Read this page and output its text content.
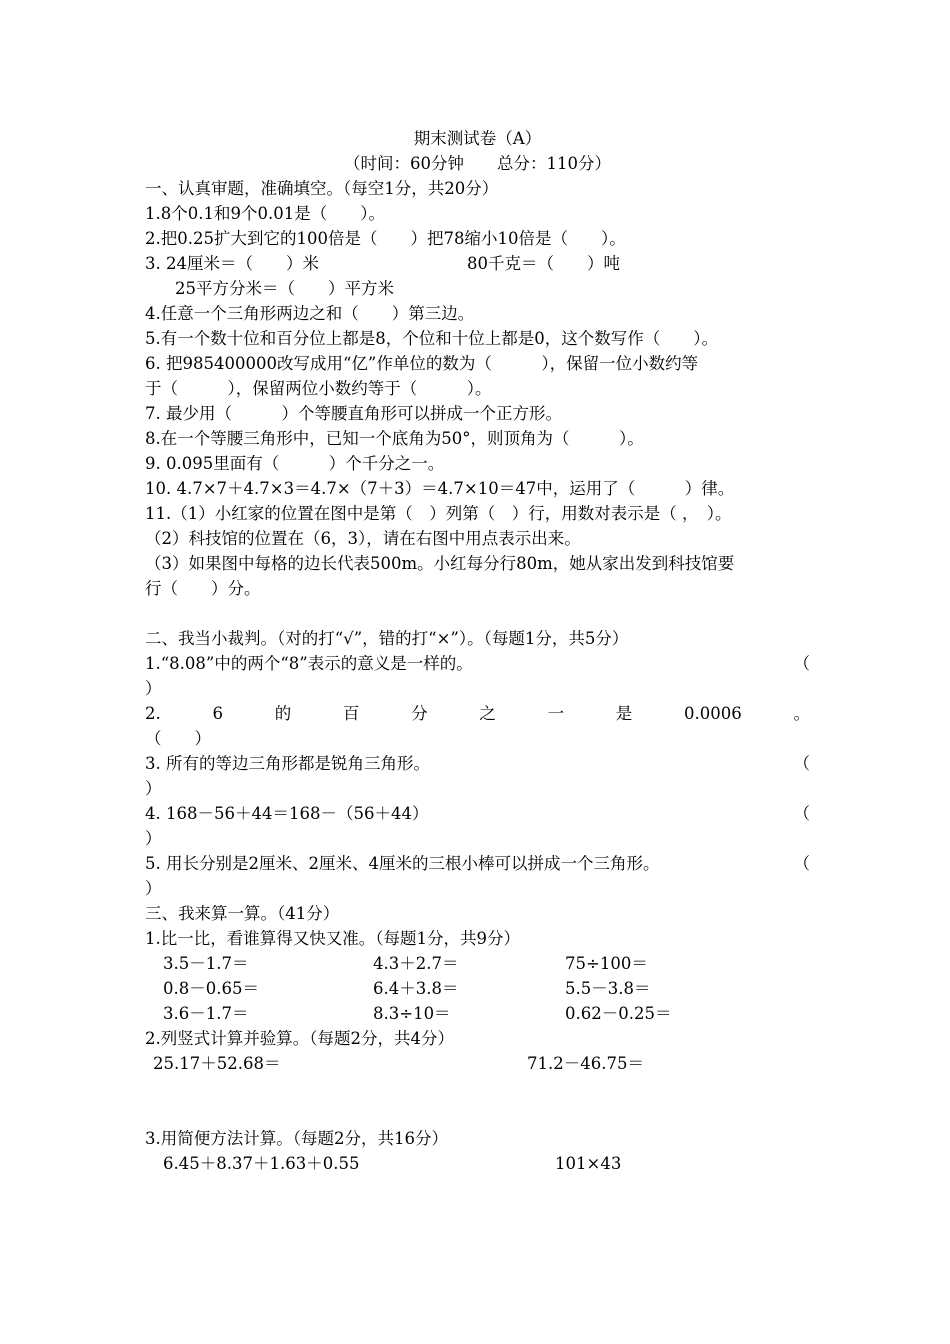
期末测试卷（A）
（时间：60分钟　　总分：110分）
一、认真审题，准确填空。（每空1分，共20分）
1.8个0.1和9个0.01是（　　）。
2.把0.25扩大到它的100倍是（　　）把78缩小10倍是（　　）。
3. 24厘米＝（　　）米	80千克＝（　　）吨
25平方分米＝（　　）平方米
4.任意一个三角形两边之和（　　）第三边。
5.有一个数十位和百分位上都是8，个位和十位上都是0，这个数写作（　　）。
6. 把985400000改写成用“亿”作单位的数为（　　　），保留一位小数约等
于（　　　），保留两位小数约等于（　　　）。
7. 最少用（　　　）个等腰直角形可以拼成一个正方形。
8.在一个等腰三角形中，已知一个底角为50°，则顶角为（　　　）。
9. 0.095里面有（　　　）个千分之一。
10. 4.7×7＋4.7×3＝4.7×（7＋3）＝4.7×10＝47中，运用了（　　　）律。
11.（1）小红家的位置在图中是第（　）列第（　）行，用数对表示是（ ，　）。
（2）科技馆的位置在（6，3），请在右图中用点表示出来。
（3）如果图中每格的边长代表500m。小红每分行80m，她从家出发到科技馆要
行（　　）分。
二、我当小裁判。（对的打“√”，错的打“×”）。（每题1分，共5分）
1.“8.08”中的两个“8”表示的意义是一样的。	（
）
2.	6	的	百	分	之	一	是	0.0006	。
（　　）
3. 所有的等边三角形都是锐角三角形。	（
）
4. 168－56＋44＝168－（56＋44）	（
）
5. 用长分别是2厘米、2厘米、4厘米的三根小棒可以拼成一个三角形。	（
）
三、我来算一算。（41分）
1.比一比，看谁算得又快又准。（每题1分，共9分）
3.5－1.7＝	4.3＋2.7＝	75÷100＝
0.8－0.65＝	6.4＋3.8＝	5.5－3.8＝
3.6－1.7＝	8.3÷10＝	0.62－0.25＝
2.列竖式计算并验算。（每题2分，共4分）
25.17＋52.68＝	71.2－46.75＝
3.用简便方法计算。（每题2分，共16分）
6.45＋8.37＋1.63＋0.55	101×43
